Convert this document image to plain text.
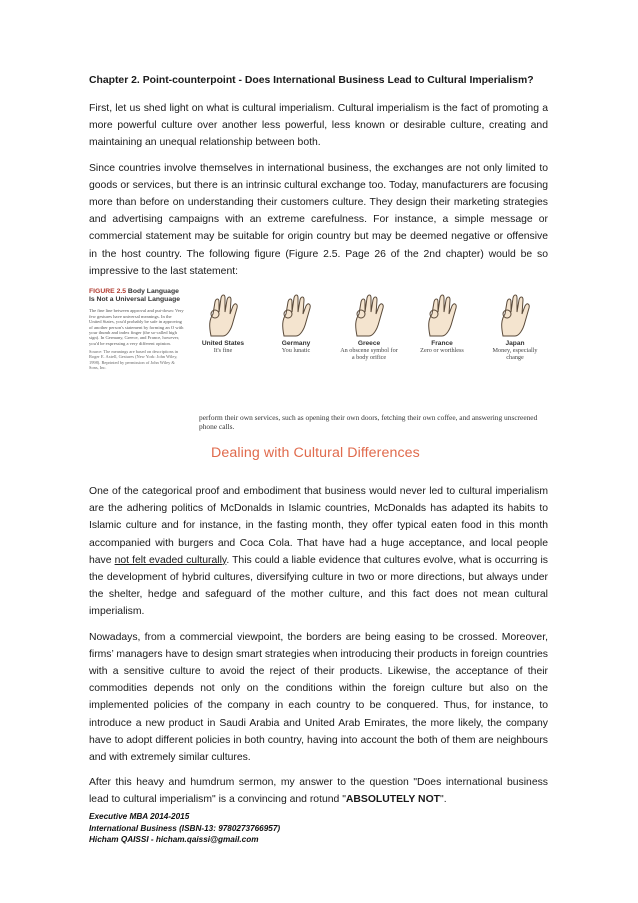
Chapter 2. Point-counterpoint - Does International Business Lead to Cultural Imperialism?

First, let us shed light on what is cultural imperialism. Cultural imperialism is the fact of promoting a more powerful culture over another less powerful, less known or desirable culture, creating and maintaining an unequal relationship between both.

Since countries involve themselves in international business, the exchanges are not only limited to goods or services, but there is an intrinsic cultural exchange too. Today, manufacturers are focusing more than before on understanding their customers culture. They design their marketing strategies and advertising campaigns with an extreme carefulness. For instance, a simple message or commercial statement may be suitable for origin country but may be deemed negative or offensive in the host country. The following figure (Figure 2.5. Page 26 of the 2nd chapter) would be so impressive to the last statement:

FIGURE 2.5 Body Language Is Not a Universal Language
The fine line between approval and put-down: Very few gestures have universal meanings. In the United States, you'd probably be safe in approving of another person's statement by forming an O with your thumb and index finger (the so-called high sign). In Germany, Greece, and France, however, you'd be expressing a very different opinion.
Source: The meanings are based on descriptions in Roger E. Axtell, Gestures (New York: John Wiley, 1998). Reprinted by permission of John Wiley & Sons, Inc.
United States
It's fine
Germany
You lunatic
Greece
An obscene symbol for a body orifice
France
Zero or worthless
Japan
Money, especially change
perform their own services, such as opening their own doors, fetching their own coffee, and answering unscreened phone calls.
Dealing with Cultural Differences

One of the categorical proof and embodiment that business would never led to cultural imperialism are the adhering politics of McDonalds in Islamic countries, McDonalds has adapted its habits to Islamic culture and for instance, in the fasting month, they offer typical eaten food in this month accompanied with burgers and Coca Cola. That have had a huge acceptance, and local people have not felt evaded culturally. This could a liable evidence that cultures evolve, what is occurring is the development of hybrid cultures, diversifying culture in two or more directions, but always under the shelter, hedge and safeguard of the mother culture, and this fact does not mean cultural imperialism.

Nowadays, from a commercial viewpoint, the borders are being easing to be crossed. Moreover, firms’ managers have to design smart strategies when introducing their products in foreign countries with a sensitive culture to avoid the reject of their products. Likewise, the acceptance of their commodities depends not only on the conditions within the foreign culture but also on the implemented policies of the company in each country to be conquered. Thus, for instance, to introduce a new product in Saudi Arabia and United Arab Emirates, the more likely, the company have to adopt different policies in both country, having into account the both of them are neighbours and with extremely similar cultures.

After this heavy and humdrum sermon, my answer to the question "Does international business lead to cultural imperialism" is a convincing and rotund "ABSOLUTELY NOT".

Executive MBA 2014-2015
International Business (ISBN-13: 9780273766957)
Hicham QAISSI - hicham.qaissi@gmail.com
